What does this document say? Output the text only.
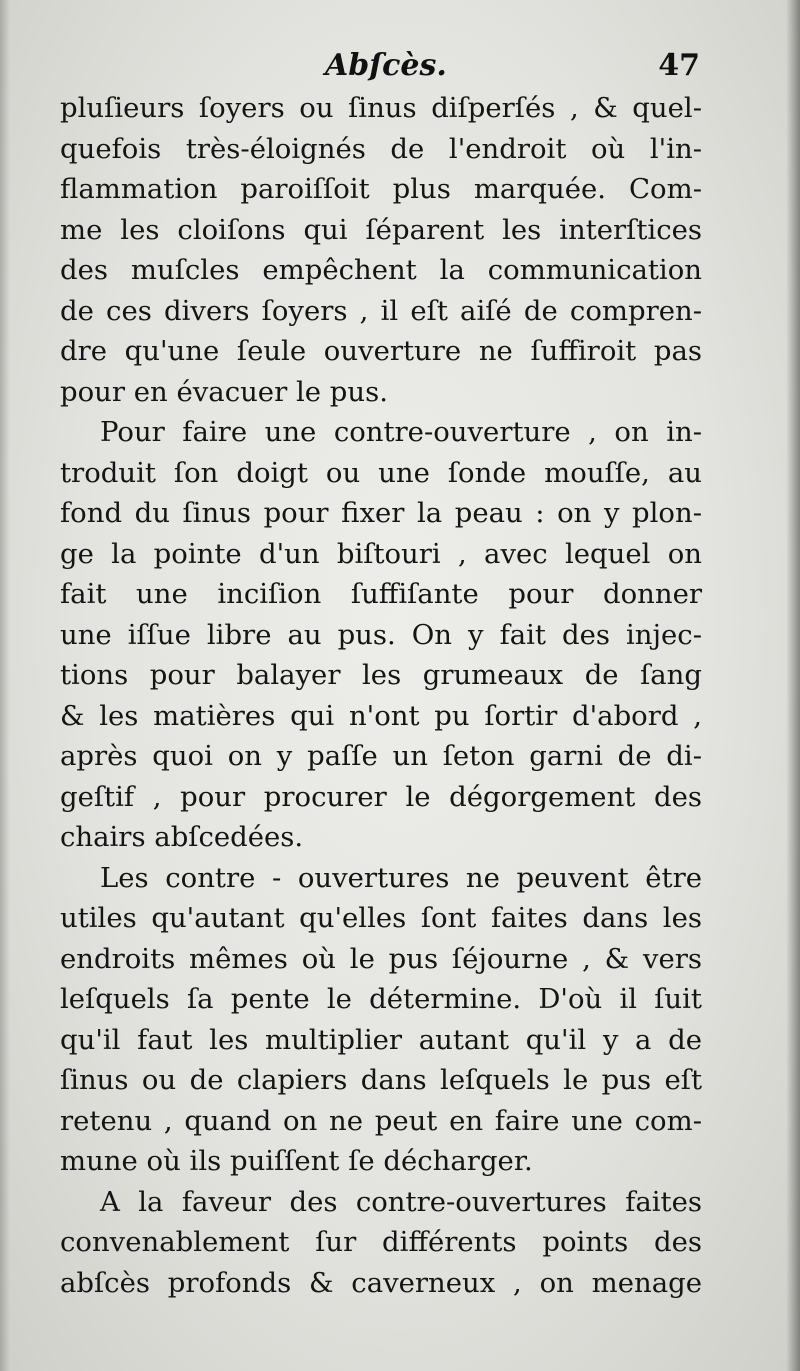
Abſcès.	47
pluſieurs ſoyers ou ſinus diſperſés , & quel-
quefois très-éloignés de l'endroit où l'in-
flammation paroiſſoit plus marquée. Com-
me les cloiſons qui ſéparent les interſtices
des muſcles empêchent la communication
de ces divers ſoyers , il eſt aiſé de compren-
dre qu'une ſeule ouverture ne ſuffiroit pas
pour en évacuer le pus.
Pour faire une contre-ouverture , on in-
troduit ſon doigt ou une ſonde mouſſe, au
fond du ſinus pour fixer la peau : on y plon-
ge la pointe d'un biſtouri , avec lequel on
fait une inciſion ſuffiſante pour donner
une iſſue libre au pus. On y fait des injec-
tions pour balayer les grumeaux de ſang
& les matières qui n'ont pu ſortir d'abord ,
après quoi on y paſſe un ſeton garni de di-
geſtif , pour procurer le dégorgement des
chairs abſcedées.
Les contre - ouvertures ne peuvent être
utiles qu'autant qu'elles ſont faites dans les
endroits mêmes où le pus ſéjourne , & vers
leſquels ſa pente le détermine. D'où il ſuit
qu'il faut les multiplier autant qu'il y a de
ſinus ou de clapiers dans leſquels le pus eſt
retenu , quand on ne peut en faire une com-
mune où ils puiſſent ſe décharger.
A la faveur des contre-ouvertures faites
convenablement ſur différents points des
abſcès profonds & caverneux , on menage
